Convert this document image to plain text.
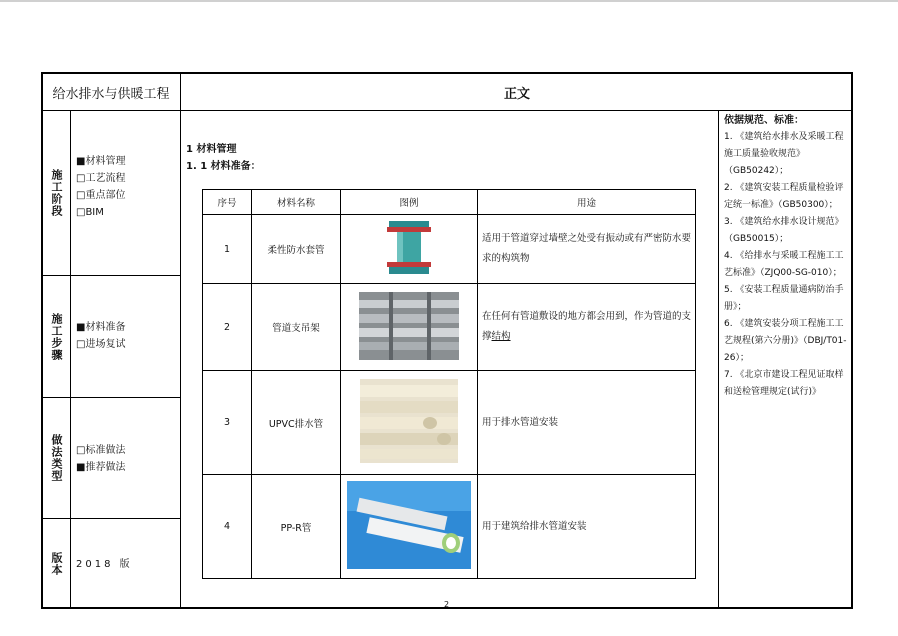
给水排水与供暖工程	正文
施工阶段
■材料管理
□工艺流程
□重点部位
□BIM
施工步骤	■材料准备
□进场复试
做法类型	□标准做法
■推荐做法
版本	2018 版
1 材料管理
1. 1 材料准备：
序号	材料名称	图例	用途
1	柔性防水套管		适用于管道穿过墙壁之处受有振动或有严密防水要求的构筑物
2	管道支吊架		在任何有管道敷设的地方都会用到，作为管道的支撑结构
3	UPVC排水管		用于排水管道安装
4	PP-R管		用于建筑给排水管道安装
依据规范、标准：
1. 《建筑给水排水及采暖工程施工质量验收规范》（GB50242）；
2. 《建筑安装工程质量检验评定统一标准》（GB50300）；
3. 《建筑给水排水设计规范》（GB50015）；
4. 《给排水与采暖工程施工工艺标准》（ZJQ00-SG-010）；
5. 《安装工程质量通病防治手册》；
6. 《建筑安装分项工程施工工艺规程(第六分册)》（DBJ/T01-26）；
7. 《北京市建设工程见证取样和送检管理规定(试行)》
2
